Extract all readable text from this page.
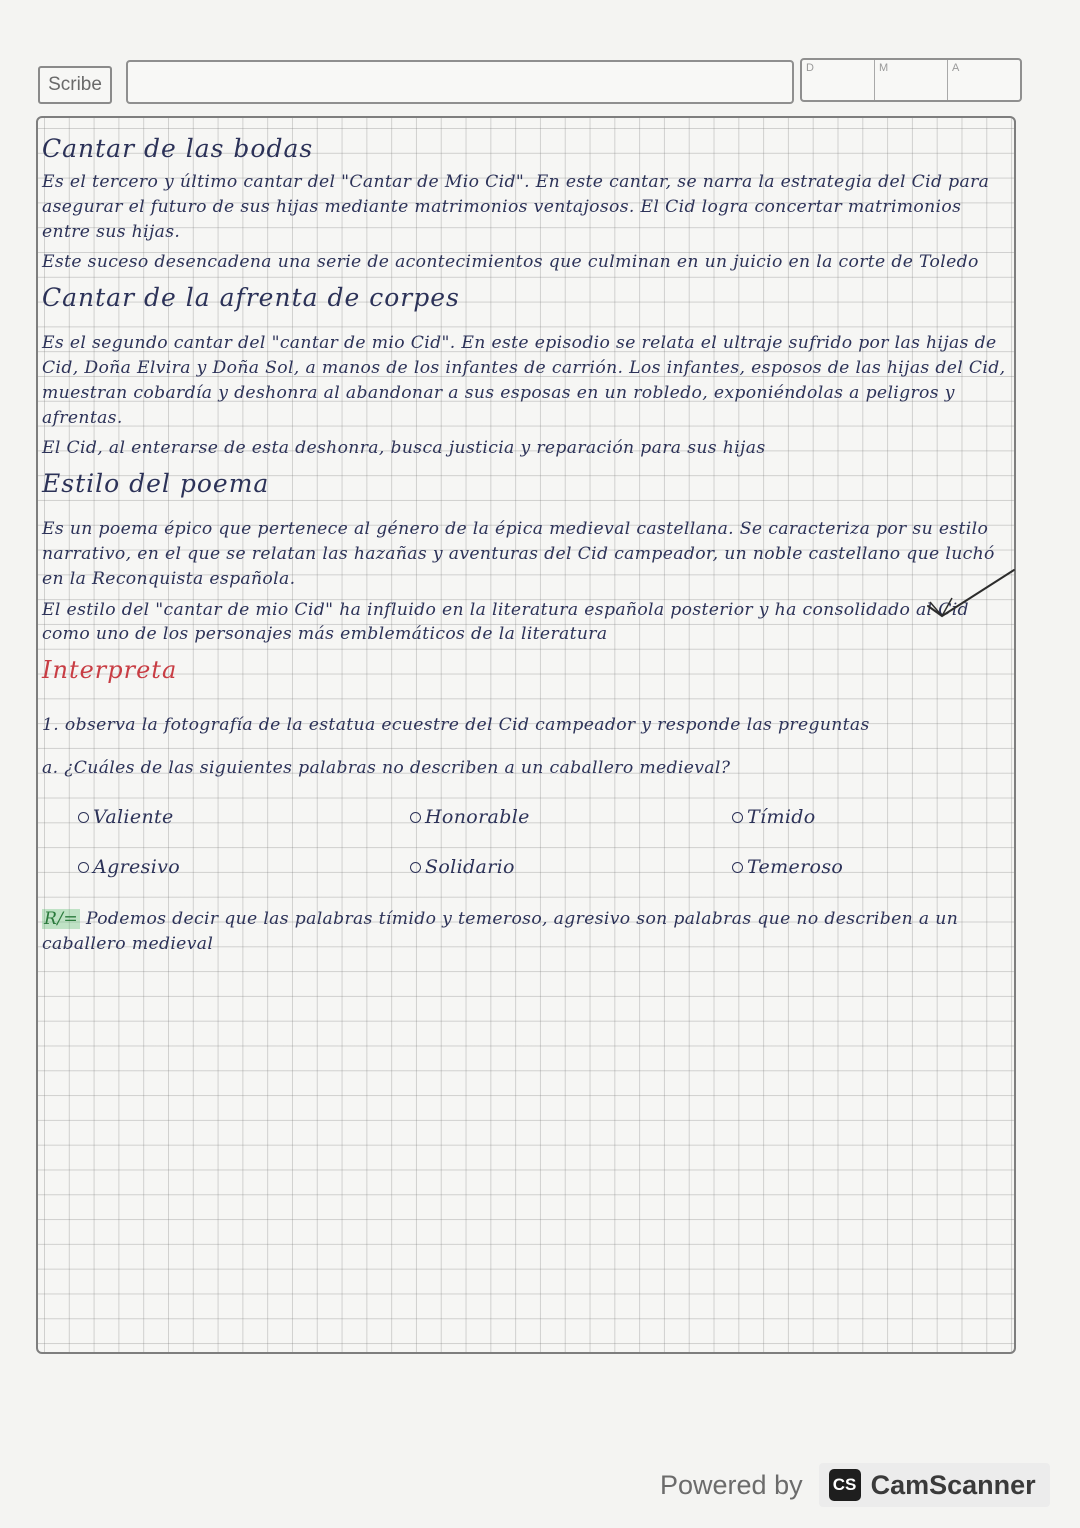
Scribe
D	M	A
Cantar de las bodas

Es el tercero y último cantar del "Cantar de Mio Cid". En este cantar, se narra la estrategia del Cid para asegurar el futuro de sus hijas mediante matrimonios ventajosos. El Cid logra concertar matrimonios entre sus hijas.

Este suceso desencadena una serie de acontecimientos que culminan en un juicio en la corte de Toledo

Cantar de la afrenta de corpes

Es el segundo cantar del "cantar de mio Cid". En este episodio se relata el ultraje sufrido por las hijas de Cid, Doña Elvira y Doña Sol, a manos de los infantes de carrión. Los infantes, esposos de las hijas del Cid, muestran cobardía y deshonra al abandonar a sus esposas en un robledo, exponiéndolas a peligros y afrentas.

El Cid, al enterarse de esta deshonra, busca justicia y reparación para sus hijas

Estilo del poema

Es un poema épico que pertenece al género de la épica medieval castellana. Se caracteriza por su estilo narrativo, en el que se relatan las hazañas y aventuras del Cid campeador, un noble castellano que luchó en la Reconquista española.

El estilo del "cantar de mio Cid" ha influido en la literatura española posterior y ha consolidado al Cid como uno de los personajes más emblemáticos de la literatura

Interpreta

1. observa la fotografía de la estatua ecuestre del Cid campeador y responde las preguntas

a. ¿Cuáles de las siguientes palabras no describen a un caballero medieval?

Valiente	Honorable	Tímido
Agresivo	Solidario	Temeroso

R/= Podemos decir que las palabras tímido y temeroso, agresivo son palabras que no describen a un caballero medieval

Powered by CS CamScanner
